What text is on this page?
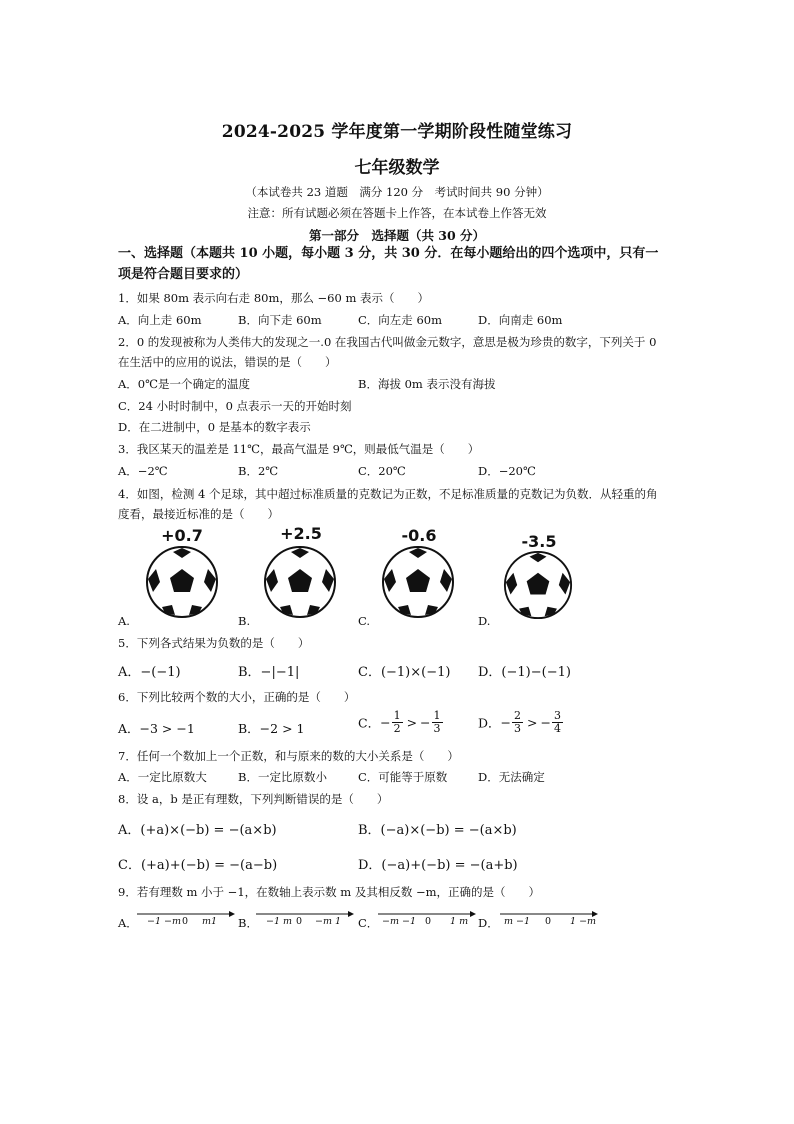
2024-2025 学年度第一学期阶段性随堂练习
七年级数学
（本试卷共 23 道题　满分 120 分　考试时间共 90 分钟）
注意：所有试题必须在答题卡上作答，在本试卷上作答无效
第一部分　选择题（共 30 分）
一、选择题（本题共 10 小题，每小题 3 分，共 30 分．在每小题给出的四个选项中，只有一
项是符合题目要求的）
1．如果 80m 表示向右走 80m，那么 −60 m 表示（　　）
A．向上走 60m	B．向下走 60m	C．向左走 60m	D．向南走 60m
2．0 的发现被称为人类伟大的发现之一.0 在我国古代叫做金元数字，意思是极为珍贵的数字，下列关于 0
在生活中的应用的说法，错误的是（　　）
A．0℃是一个确定的温度	B．海拔 0m 表示没有海拔
C．24 小时时制中，0 点表示一天的开始时刻
D．在二进制中，0 是基本的数字表示
3．我区某天的温差是 11℃，最高气温是 9℃，则最低气温是（　　）
A．−2℃	B．2℃	C．20℃	D．−20℃
4．如图，检测 4 个足球，其中超过标准质量的克数记为正数，不足标准质量的克数记为负数．从轻重的角
度看，最接近标准的是（　　）
+0.7	+2.5	-0.6	-3.5
A.	B.	C.	D.
5．下列各式结果为负数的是（　　）
A．−(−1)	B．−|−1|	C．(−1)×(−1) D．(−1)−(−1)
6．下列比较两个数的大小，正确的是（　　）
A．−3 > −1	B．−2 > 1	C．− $\frac{1}{2}$ > − $\frac{1}{3}$	D．− $\frac{2}{3}$ > − $\frac{3}{4}$
7．任何一个数加上一个正数，和与原来的数的大小关系是（　　）
A．一定比原数大	B．一定比原数小	C．可能等于原数	D．无法确定
8．设 a，b 是正有理数，下列判断错误的是（　　）
A．(+a)×(−b) = −(a×b)	B．(−a)×(−b) = −(a×b)
C．(+a)+(−b) = −(a−b)	D．(−a)+(−b) = −(a+b)
9．若有理数 m 小于 −1，在数轴上表示数 m 及其相反数 −m，正确的是（　　）
A． −1 −m 0 m1 B． −1 m 0 −m 1 C． −m −1 0 1 m D． m −1 0 1 −m
